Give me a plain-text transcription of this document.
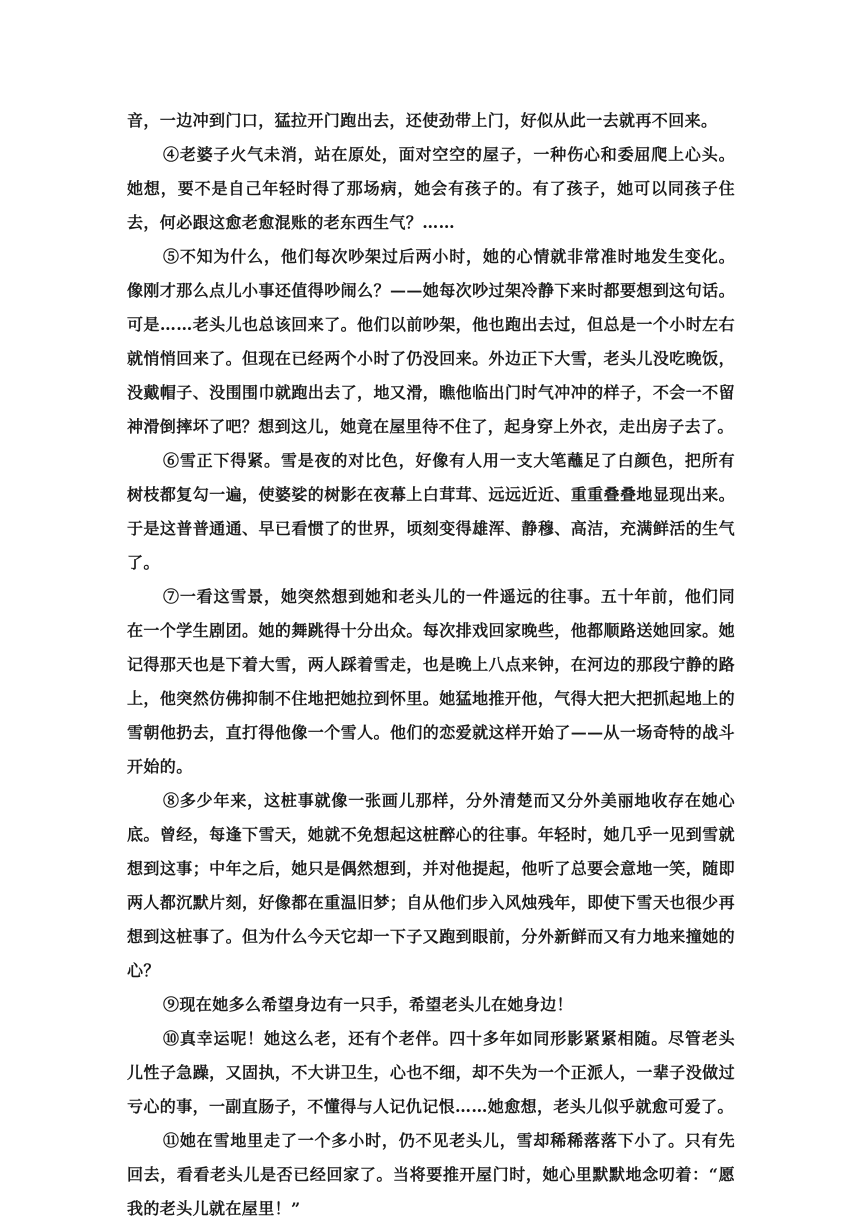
音，一边冲到门口，猛拉开门跑出去，还使劲带上门，好似从此一去就再不回来。

④老婆子火气未消，站在原处，面对空空的屋子，一种伤心和委屈爬上心头。她想，要不是自己年轻时得了那场病，她会有孩子的。有了孩子，她可以同孩子住去，何必跟这愈老愈混账的老东西生气？……

⑤不知为什么，他们每次吵架过后两小时，她的心情就非常准时地发生变化。像刚才那么点儿小事还值得吵闹么？——她每次吵过架冷静下来时都要想到这句话。可是……老头儿也总该回来了。他们以前吵架，他也跑出去过，但总是一个小时左右就悄悄回来了。但现在已经两个小时了仍没回来。外边正下大雪，老头儿没吃晚饭，没戴帽子、没围围巾就跑出去了，地又滑，瞧他临出门时气冲冲的样子，不会一不留神滑倒摔坏了吧？想到这儿，她竟在屋里待不住了，起身穿上外衣，走出房子去了。

⑥雪正下得紧。雪是夜的对比色，好像有人用一支大笔蘸足了白颜色，把所有树枝都复勾一遍，使婆娑的树影在夜幕上白茸茸、远远近近、重重叠叠地显现出来。于是这普普通通、早已看惯了的世界，顷刻变得雄浑、静穆、高洁，充满鲜活的生气了。

⑦一看这雪景，她突然想到她和老头儿的一件遥远的往事。五十年前，他们同在一个学生剧团。她的舞跳得十分出众。每次排戏回家晚些，他都顺路送她回家。她记得那天也是下着大雪，两人踩着雪走，也是晚上八点来钟，在河边的那段宁静的路上，他突然仿佛抑制不住地把她拉到怀里。她猛地推开他，气得大把大把抓起地上的雪朝他扔去，直打得他像一个雪人。他们的恋爱就这样开始了——从一场奇特的战斗开始的。

⑧多少年来，这桩事就像一张画儿那样，分外清楚而又分外美丽地收存在她心底。曾经，每逢下雪天，她就不免想起这桩醉心的往事。年轻时，她几乎一见到雪就想到这事；中年之后，她只是偶然想到，并对他提起，他听了总要会意地一笑，随即两人都沉默片刻，好像都在重温旧梦；自从他们步入风烛残年，即使下雪天也很少再想到这桩事了。但为什么今天它却一下子又跑到眼前，分外新鲜而又有力地来撞她的心？

⑨现在她多么希望身边有一只手，希望老头儿在她身边！

⑩真幸运呢！她这么老，还有个老伴。四十多年如同形影紧紧相随。尽管老头儿性子急躁，又固执，不大讲卫生，心也不细，却不失为一个正派人，一辈子没做过亏心的事，一副直肠子，不懂得与人记仇记恨……她愈想，老头儿似乎就愈可爱了。

⑪她在雪地里走了一个多小时，仍不见老头儿，雪却稀稀落落下小了。只有先回去，看看老头儿是否已经回家了。当将要推开屋门时，她心里默默地念叨着：“愿我的老头儿就在屋里！”
